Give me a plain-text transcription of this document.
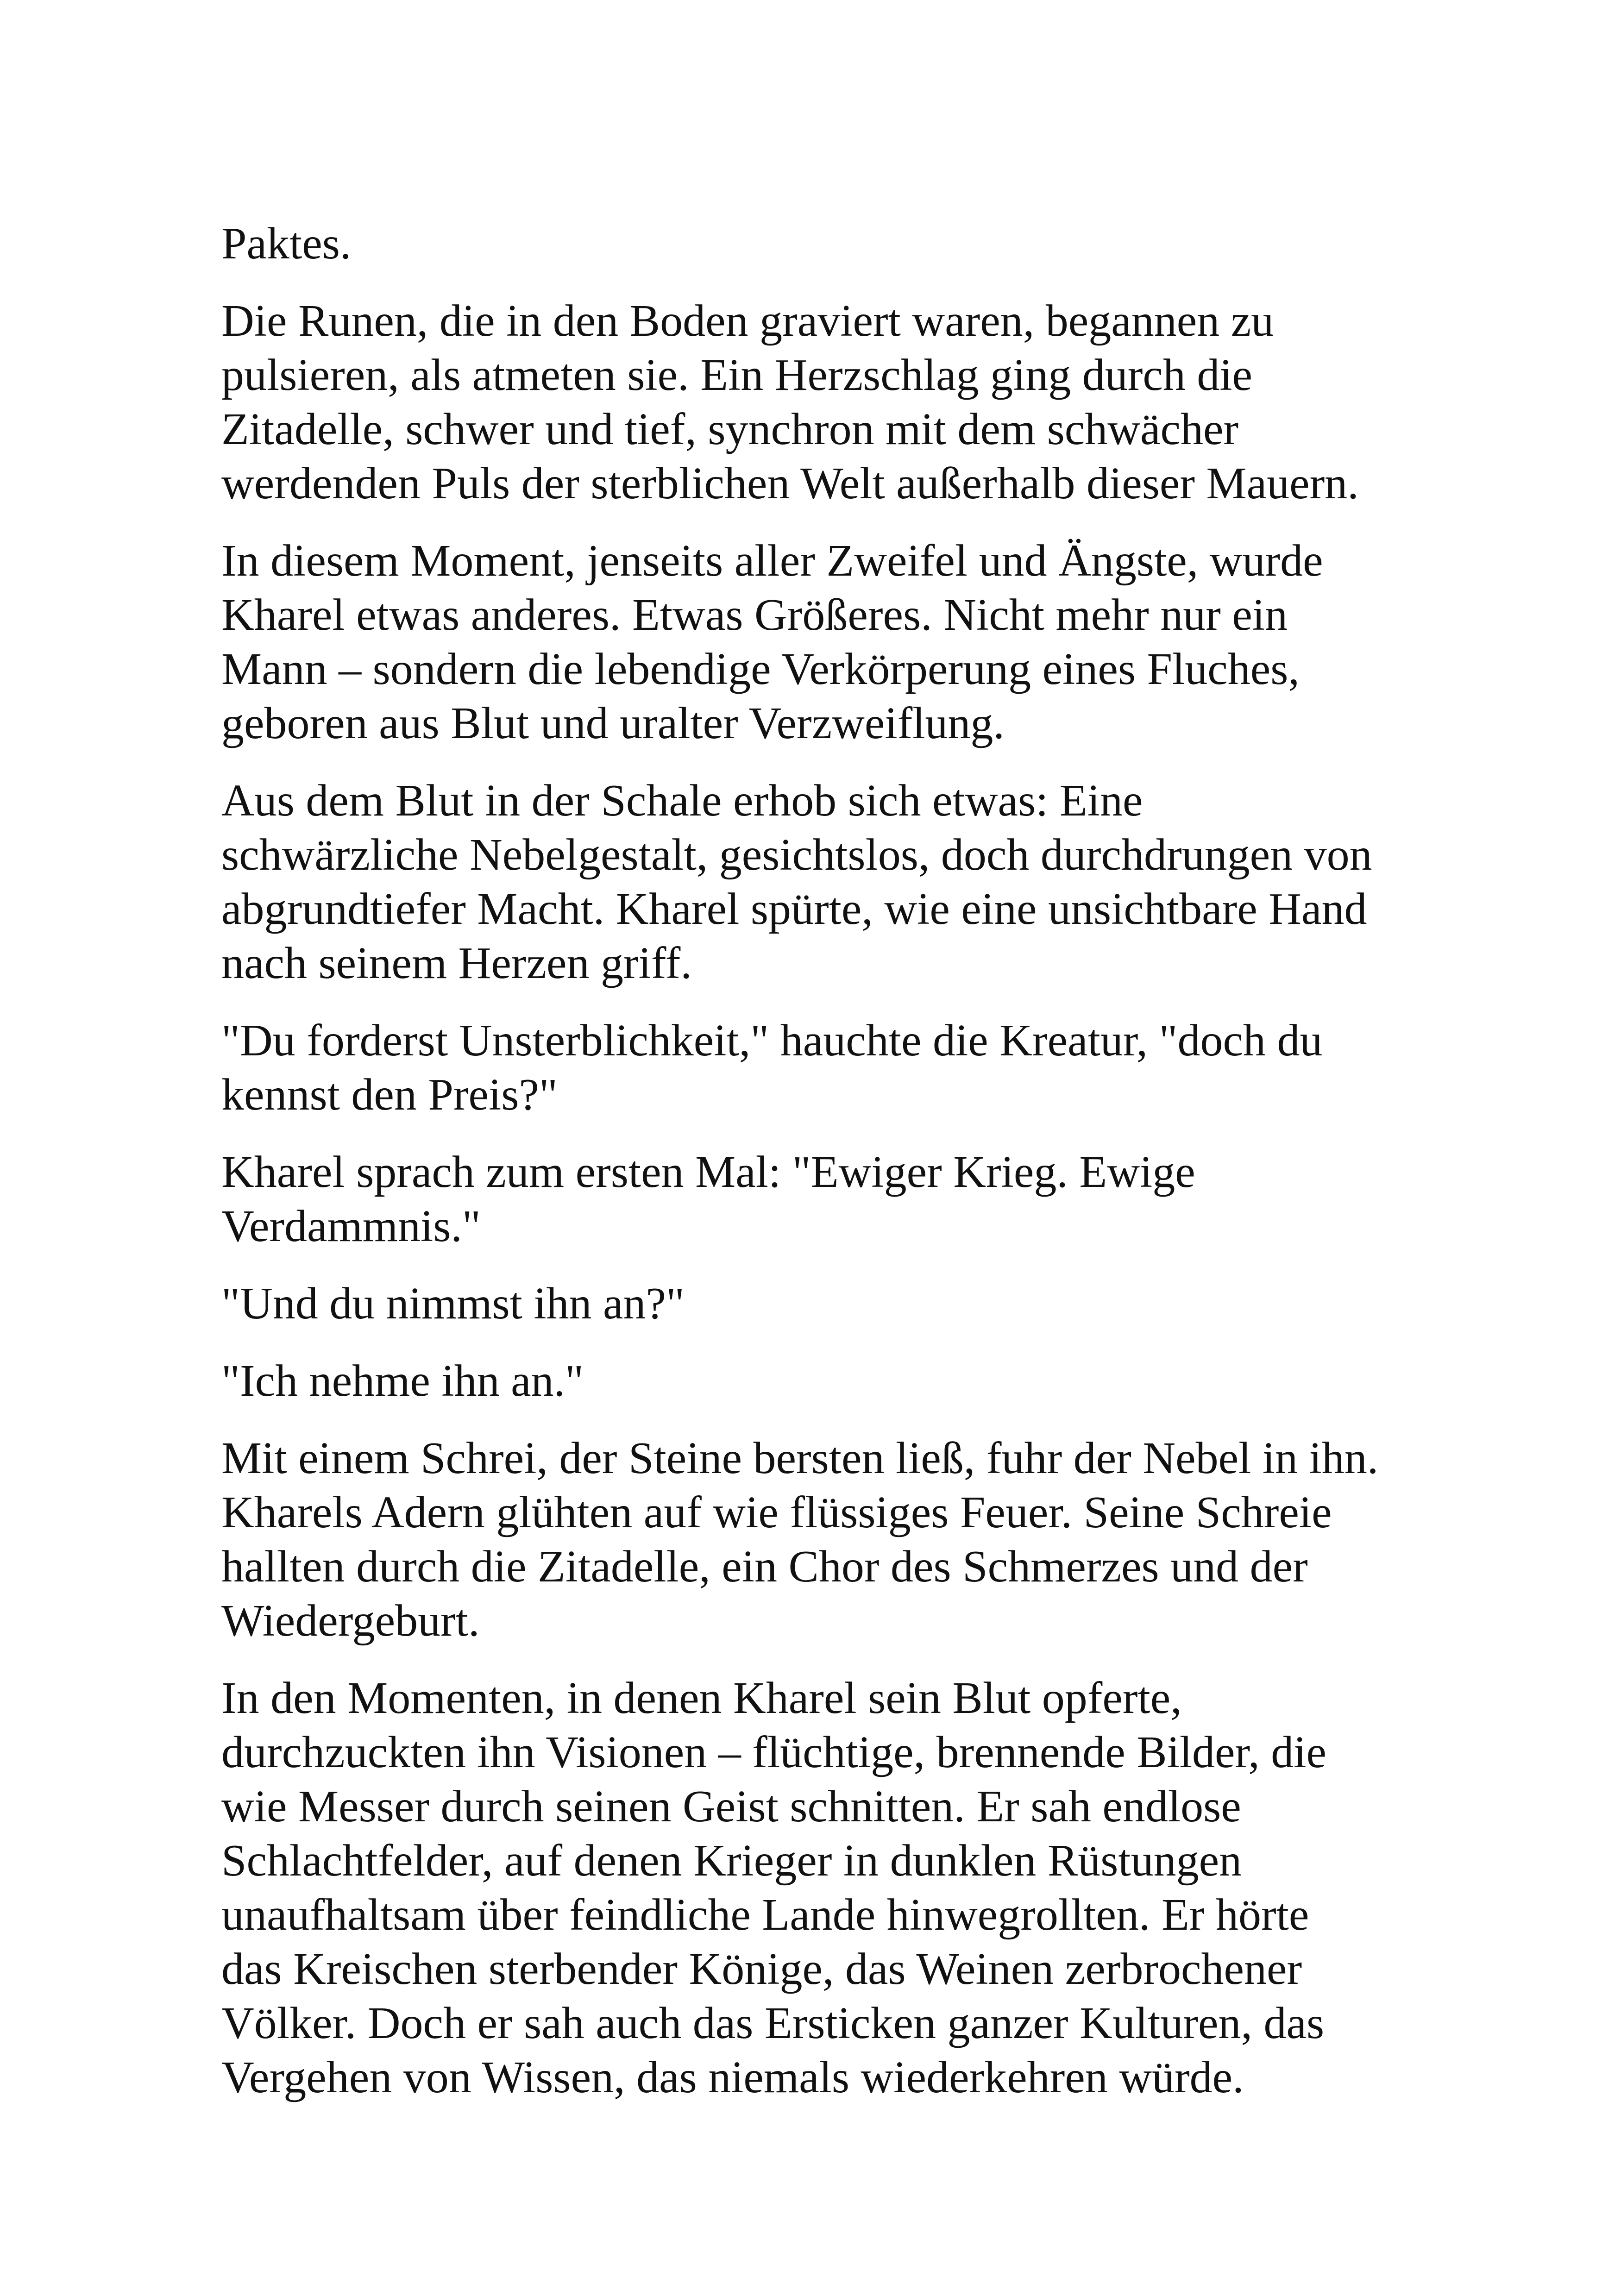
Paktes.

Die Runen, die in den Boden graviert waren, begannen zu
pulsieren, als atmeten sie. Ein Herzschlag ging durch die
Zitadelle, schwer und tief, synchron mit dem schwächer
werdenden Puls der sterblichen Welt außerhalb dieser Mauern.

In diesem Moment, jenseits aller Zweifel und Ängste, wurde
Kharel etwas anderes. Etwas Größeres. Nicht mehr nur ein
Mann – sondern die lebendige Verkörperung eines Fluches,
geboren aus Blut und uralter Verzweiflung.

Aus dem Blut in der Schale erhob sich etwas: Eine
schwärzliche Nebelgestalt, gesichtslos, doch durchdrungen von
abgrundtiefer Macht. Kharel spürte, wie eine unsichtbare Hand
nach seinem Herzen griff.

"Du forderst Unsterblichkeit," hauchte die Kreatur, "doch du
kennst den Preis?"

Kharel sprach zum ersten Mal: "Ewiger Krieg. Ewige
Verdammnis."

"Und du nimmst ihn an?"

"Ich nehme ihn an."

Mit einem Schrei, der Steine bersten ließ, fuhr der Nebel in ihn.
Kharels Adern glühten auf wie flüssiges Feuer. Seine Schreie
hallten durch die Zitadelle, ein Chor des Schmerzes und der
Wiedergeburt.

In den Momenten, in denen Kharel sein Blut opferte,
durchzuckten ihn Visionen – flüchtige, brennende Bilder, die
wie Messer durch seinen Geist schnitten. Er sah endlose
Schlachtfelder, auf denen Krieger in dunklen Rüstungen
unaufhaltsam über feindliche Lande hinwegrollten. Er hörte
das Kreischen sterbender Könige, das Weinen zerbrochener
Völker. Doch er sah auch das Ersticken ganzer Kulturen, das
Vergehen von Wissen, das niemals wiederkehren würde.
